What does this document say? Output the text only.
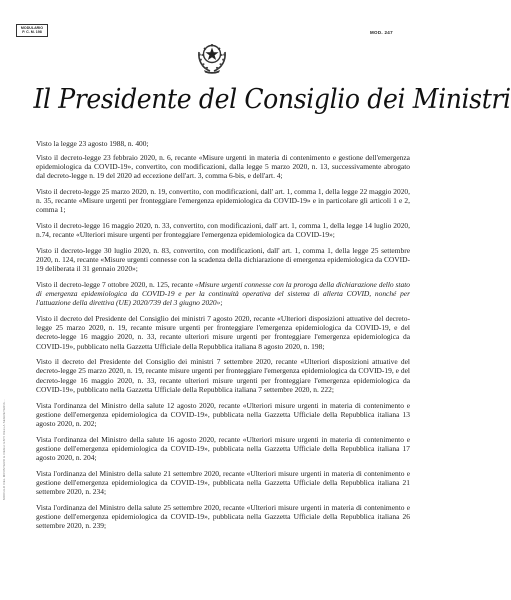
MODULARIO
P. C. M. 198	MOD. 247
Il Presidente del Consiglio dei Ministri
MODULO DEL MINISTERO E DEGLI ENTI DELLA SEGRETERIA...

Visto la legge 23 agosto 1988, n. 400;

Visto il decreto-legge 23 febbraio 2020, n. 6, recante «Misure urgenti in materia di contenimento e gestione dell'emergenza epidemiologica da COVID-19», convertito, con modificazioni, dalla legge 5 marzo 2020, n. 13, successivamente abrogato dal decreto-legge n. 19 del 2020 ad eccezione dell'art. 3, comma 6-bis, e dell'art. 4;

Visto il decreto-legge 25 marzo 2020, n. 19, convertito, con modificazioni, dall' art. 1, comma 1, della legge 22 maggio 2020, n. 35, recante «Misure urgenti per fronteggiare l'emergenza epidemiologica da COVID-19» e in particolare gli articoli 1 e 2, comma 1;

Visto il decreto-legge 16 maggio 2020, n. 33, convertito, con modificazioni, dall' art. 1, comma 1, della legge 14 luglio 2020, n.74, recante «Ulteriori misure urgenti per fronteggiare l'emergenza epidemiologica da COVID-19»;

Visto il decreto-legge 30 luglio 2020, n. 83, convertito, con modificazioni, dall' art. 1, comma 1, della legge 25 settembre 2020, n. 124, recante «Misure urgenti connesse con la scadenza della dichiarazione di emergenza epidemiologica da COVID-19 deliberata il 31 gennaio 2020»;

Visto il decreto-legge 7 ottobre 2020, n. 125, recante «Misure urgenti connesse con la proroga della dichiarazione dello stato di emergenza epidemiologica da COVID-19 e per la continuità operativa del sistema di allerta COVID, nonché per l'attuazione della direttiva (UE) 2020/739 del 3 giugno 2020»;

Visto il decreto del Presidente del Consiglio dei ministri 7 agosto 2020, recante «Ulteriori disposizioni attuative del decreto-legge 25 marzo 2020, n. 19, recante misure urgenti per fronteggiare l'emergenza epidemiologica da COVID-19, e del decreto-legge 16 maggio 2020, n. 33, recante ulteriori misure urgenti per fronteggiare l'emergenza epidemiologica da COVID-19», pubblicato nella Gazzetta Ufficiale della Repubblica italiana 8 agosto 2020, n. 198;

Visto il decreto del Presidente del Consiglio dei ministri 7 settembre 2020, recante «Ulteriori disposizioni attuative del decreto-legge 25 marzo 2020, n. 19, recante misure urgenti per fronteggiare l'emergenza epidemiologica da COVID-19, e del decreto-legge 16 maggio 2020, n. 33, recante ulteriori misure urgenti per fronteggiare l'emergenza epidemiologica da COVID-19», pubblicato nella Gazzetta Ufficiale della Repubblica italiana 7 settembre 2020, n. 222;

Vista l'ordinanza del Ministro della salute 12 agosto 2020, recante «Ulteriori misure urgenti in materia di contenimento e gestione dell'emergenza epidemiologica da COVID-19», pubblicata nella Gazzetta Ufficiale della Repubblica italiana 13 agosto 2020, n. 202;

Vista l'ordinanza del Ministro della salute 16 agosto 2020, recante «Ulteriori misure urgenti in materia di contenimento e gestione dell'emergenza epidemiologica da COVID-19», pubblicata nella Gazzetta Ufficiale della Repubblica italiana 17 agosto 2020, n. 204;

Vista l'ordinanza del Ministro della salute 21 settembre 2020, recante «Ulteriori misure urgenti in materia di contenimento e gestione dell'emergenza epidemiologica da COVID-19», pubblicata nella Gazzetta Ufficiale della Repubblica italiana 21 settembre 2020, n. 234;

Vista l'ordinanza del Ministro della salute 25 settembre 2020, recante «Ulteriori misure urgenti in materia di contenimento e gestione dell'emergenza epidemiologica da COVID-19», pubblicata nella Gazzetta Ufficiale della Repubblica italiana 26 settembre 2020, n. 239;
